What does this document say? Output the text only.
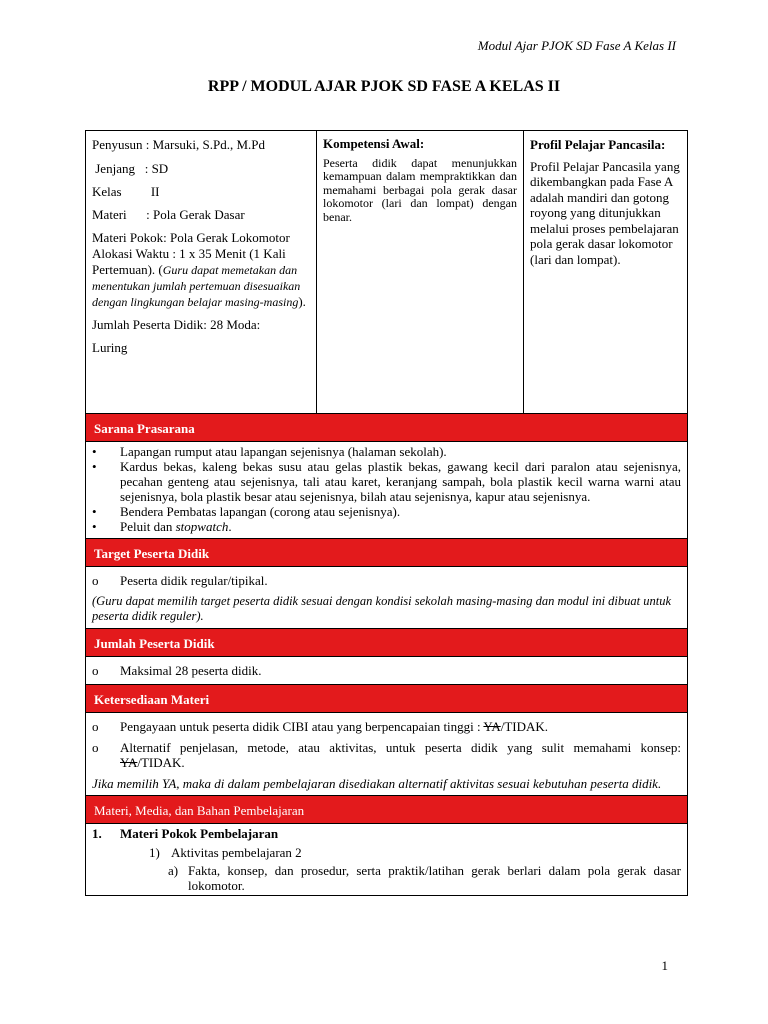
Modul Ajar PJOK SD Fase A Kelas II
RPP / MODUL AJAR PJOK SD FASE A KELAS II

Penyusun : Marsuki, S.Pd., M.Pd

Jenjang   : SD

Kelas         II

Materi      : Pola Gerak Dasar

Materi Pokok: Pola Gerak Lokomotor

Alokasi Waktu : 1 x 35 Menit (1 Kali Pertemuan). (Guru dapat memetakan dan menentukan jumlah pertemuan disesuaikan dengan lingkungan belajar masing-masing).

Jumlah Peserta Didik: 28 Moda:

Luring

Kompetensi Awal:
Peserta didik dapat menunjukkan kemampuan dalam mempraktikkan dan memahami berbagai pola gerak dasar lokomotor (lari dan lompat) dengan benar.
Profil Pelajar Pancasila:
Profil Pelajar Pancasila yang dikembangkan pada Fase A adalah mandiri dan gotong royong yang ditunjukkan melalui proses pembelajaran pola gerak dasar lokomotor (lari dan lompat).
Sarana Prasarana
•	Lapangan rumput atau lapangan sejenisnya (halaman sekolah).
•	Kardus bekas, kaleng bekas susu atau gelas plastik bekas, gawang kecil dari paralon atau sejenisnya, pecahan genteng atau sejenisnya, tali atau karet, keranjang sampah, bola plastik kecil warna warni atau sejenisnya, bola plastik besar atau sejenisnya, bilah atau sejenisnya, kapur atau sejenisnya.
•	Bendera Pembatas lapangan (corong atau sejenisnya).
•	Peluit dan stopwatch.
Target Peserta Didik
o	Peserta didik regular/tipikal.
(Guru dapat memilih target peserta didik sesuai dengan kondisi sekolah masing-masing dan modul ini dibuat untuk peserta didik reguler).
Jumlah Peserta Didik
o	Maksimal 28 peserta didik.
Ketersediaan Materi
o	Pengayaan untuk peserta didik CIBI atau yang berpencapaian tinggi : YA/TIDAK.
o	Alternatif penjelasan, metode, atau aktivitas, untuk peserta didik yang sulit memahami konsep: YA/TIDAK.
Jika memilih YA, maka di dalam pembelajaran disediakan alternatif aktivitas sesuai kebutuhan peserta didik.
Materi, Media, dan Bahan Pembelajaran
1.	Materi Pokok Pembelajaran
1) Aktivitas pembelajaran 2
a) Fakta, konsep, dan prosedur, serta praktik/latihan gerak berlari dalam pola gerak dasar lokomotor.
1
